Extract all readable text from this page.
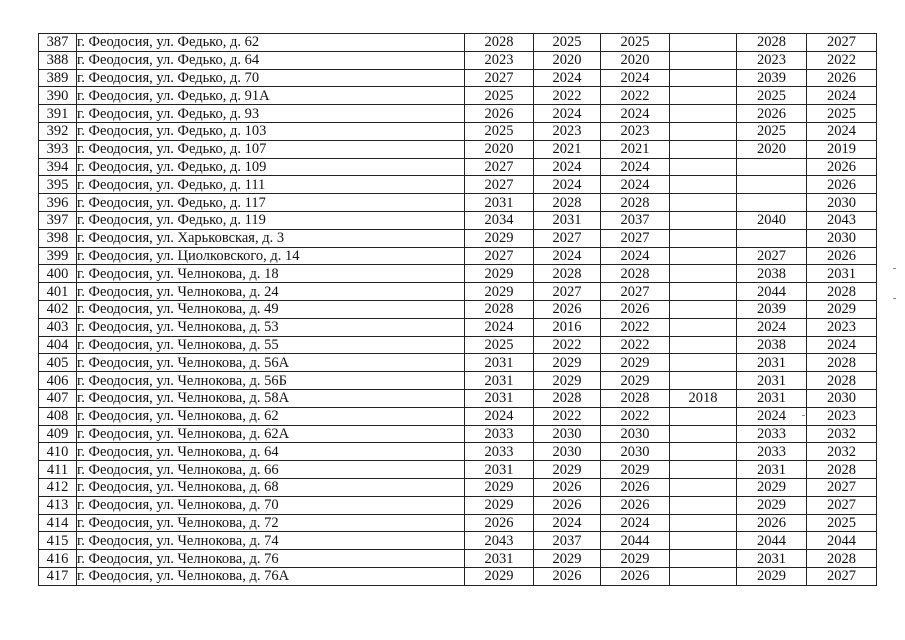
387	г. Феодосия, ул. Федько, д. 62	2028	2025	2025		2028	2027
388	г. Феодосия, ул. Федько, д. 64	2023	2020	2020		2023	2022
389	г. Феодосия, ул. Федько, д. 70	2027	2024	2024		2039	2026
390	г. Феодосия, ул. Федько, д. 91А	2025	2022	2022		2025	2024
391	г. Феодосия, ул. Федько, д. 93	2026	2024	2024		2026	2025
392	г. Феодосия, ул. Федько, д. 103	2025	2023	2023		2025	2024
393	г. Феодосия, ул. Федько, д. 107	2020	2021	2021		2020	2019
394	г. Феодосия, ул. Федько, д. 109	2027	2024	2024			2026
395	г. Феодосия, ул. Федько, д. 111	2027	2024	2024			2026
396	г. Феодосия, ул. Федько, д. 117	2031	2028	2028			2030
397	г. Феодосия, ул. Федько, д. 119	2034	2031	2037		2040	2043
398	г. Феодосия, ул. Харьковская, д. 3	2029	2027	2027			2030
399	г. Феодосия, ул. Циолковского, д. 14	2027	2024	2024		2027	2026
400	г. Феодосия, ул. Челнокова, д. 18	2029	2028	2028		2038	2031
401	г. Феодосия, ул. Челнокова, д. 24	2029	2027	2027		2044	2028
402	г. Феодосия, ул. Челнокова, д. 49	2028	2026	2026		2039	2029
403	г. Феодосия, ул. Челнокова, д. 53	2024	2016	2022		2024	2023
404	г. Феодосия, ул. Челнокова, д. 55	2025	2022	2022		2038	2024
405	г. Феодосия, ул. Челнокова, д. 56А	2031	2029	2029		2031	2028
406	г. Феодосия, ул. Челнокова, д. 56Б	2031	2029	2029		2031	2028
407	г. Феодосия, ул. Челнокова, д. 58А	2031	2028	2028	2018	2031	2030
408	г. Феодосия, ул. Челнокова, д. 62	2024	2022	2022		2024	2023
409	г. Феодосия, ул. Челнокова, д. 62А	2033	2030	2030		2033	2032
410	г. Феодосия, ул. Челнокова, д. 64	2033	2030	2030		2033	2032
411	г. Феодосия, ул. Челнокова, д. 66	2031	2029	2029		2031	2028
412	г. Феодосия, ул. Челнокова, д. 68	2029	2026	2026		2029	2027
413	г. Феодосия, ул. Челнокова, д. 70	2029	2026	2026		2029	2027
414	г. Феодосия, ул. Челнокова, д. 72	2026	2024	2024		2026	2025
415	г. Феодосия, ул. Челнокова, д. 74	2043	2037	2044		2044	2044
416	г. Феодосия, ул. Челнокова, д. 76	2031	2029	2029		2031	2028
417	г. Феодосия, ул. Челнокова, д. 76А	2029	2026	2026		2029	2027
